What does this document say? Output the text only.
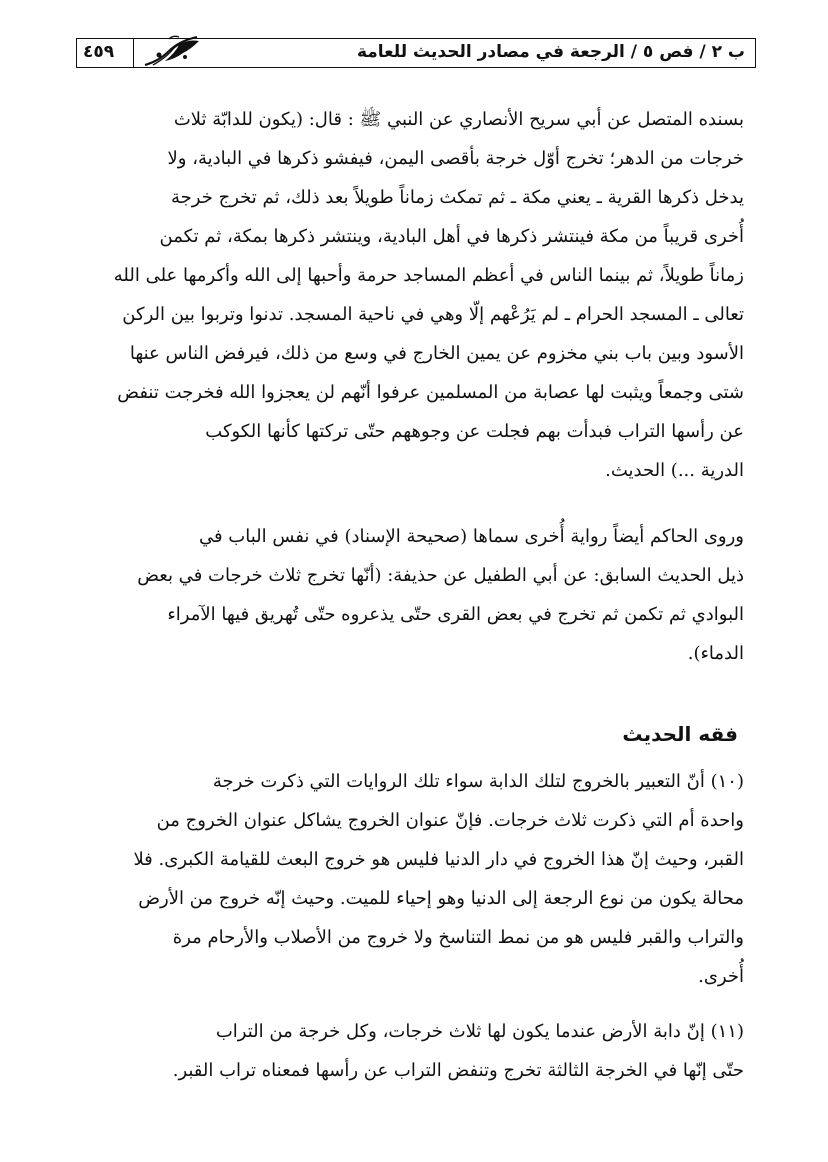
ب ٢ / فص ٥ / الرجعة في مصادر الحديث للعامة
٤٥٩
بسنده المتصل عن أبي سريح الأنصاري عن النبي ﷺ : قال: (يكون للدابّة ثلاث
خرجات من الدهر؛ تخرج أوّل خرجة بأقصى اليمن، فيفشو ذكرها في البادية، ولا
يدخل ذكرها القرية ـ يعني مكة ـ ثم تمكث زماناً طويلاً بعد ذلك، ثم تخرج خرجة
أُخرى قريباً من مكة فينتشر ذكرها في أهل البادية، وينتشر ذكرها بمكة، ثم تكمن
زماناً طويلاً، ثم بينما الناس في أعظم المساجد حرمة وأحبها إلى الله وأكرمها على الله
تعالى ـ المسجد الحرام ـ لم يَرُعْهم إلّا وهي في ناحية المسجد. تدنوا وتربوا بين الركن
الأسود وبين باب بني مخزوم عن يمين الخارج في وسع من ذلك، فيرفض الناس عنها
شتى وجمعاً ويثبت لها عصابة من المسلمين عرفوا أنّهم لن يعجزوا الله فخرجت تنفض
عن رأسها التراب فبدأت بهم فجلت عن وجوههم حتّى تركتها كأنها الكوكب
الدرية ...) الحديث.
وروى الحاكم أيضاً رواية أُخرى سماها (صحيحة الإسناد) في نفس الباب في
ذيل الحديث السابق: عن أبي الطفيل عن حذيفة: (أنّها تخرج ثلاث خرجات في بعض
البوادي ثم تكمن ثم تخرج في بعض القرى حتّى يذعروه حتّى تُهريق فيها الآمراء
الدماء).
فقه الحديث
(١٠) أنّ التعبير بالخروج لتلك الدابة سواء تلك الروايات التي ذكرت خرجة
واحدة أم التي ذكرت ثلاث خرجات. فإنّ عنوان الخروج يشاكل عنوان الخروج من
القبر، وحيث إنّ هذا الخروج في دار الدنيا فليس هو خروج البعث للقيامة الكبرى. فلا
محالة يكون من نوع الرجعة إلى الدنيا وهو إحياء للميت. وحيث إنّه خروج من الأرض
والتراب والقبر فليس هو من نمط التناسخ ولا خروج من الأصلاب والأرحام مرة
أُخرى.
(١١) إنّ دابة الأرض عندما يكون لها ثلاث خرجات، وكل خرجة من التراب
حتّى إنّها في الخرجة الثالثة تخرج وتنفض التراب عن رأسها فمعناه تراب القبر.
